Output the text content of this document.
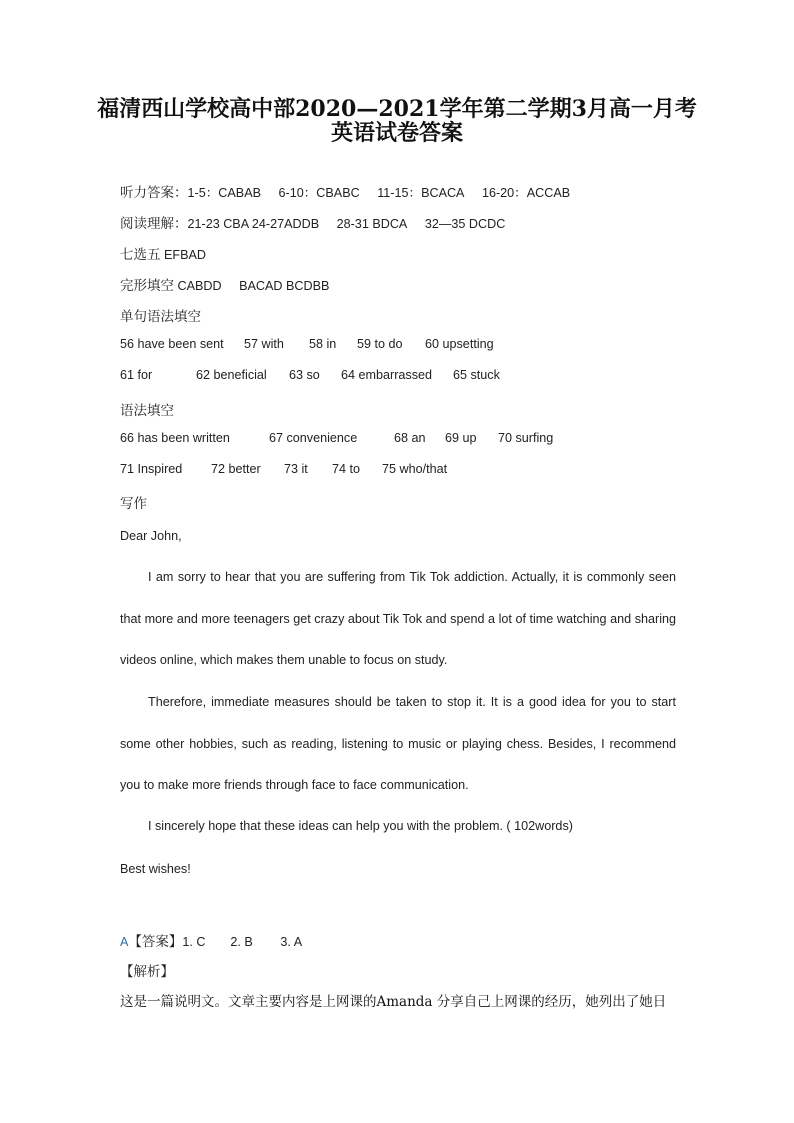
福清西山学校高中部2020—2021学年第二学期3月高一月考
英语试卷答案
听力答案：1-5：CABAB 6-10：CBABC 11-15：BCACA 16-20：ACCAB
阅读理解：21-23 CBA 24-27ADDB 28-31 BDCA 32—35 DCDC
七选五 EFBAD
完形填空 CABDD BACAD BCDBB
单句语法填空
56 have been sent 57 with 58 in 59 to do 60 upsetting
61 for	62 beneficial 63 so 64 embarrassed 65 stuck
语法填空
66 has been written	67 convenience	68 an 69 up 70 surfing
71 Inspired 72 better 73 it 74 to 75 who/that
写作
Dear John,

I am sorry to hear that you are suffering from Tik Tok addiction. Actually, it is commonly seen that more and more teenagers get crazy about Tik Tok and spend a lot of time watching and sharing videos online, which makes them unable to focus on study.

Therefore, immediate measures should be taken to stop it. It is a good idea for you to start some other hobbies, such as reading, listening to music or playing chess. Besides, I recommend you to make more friends through face to face communication.

I sincerely hope that these ideas can help you with the problem. ( 102words)

Best wishes!
A【答案】1. C 2. B 3. A
【解析】
这是一篇说明文。文章主要内容是上网课的Amanda 分享自己上网课的经历，她列出了她日
